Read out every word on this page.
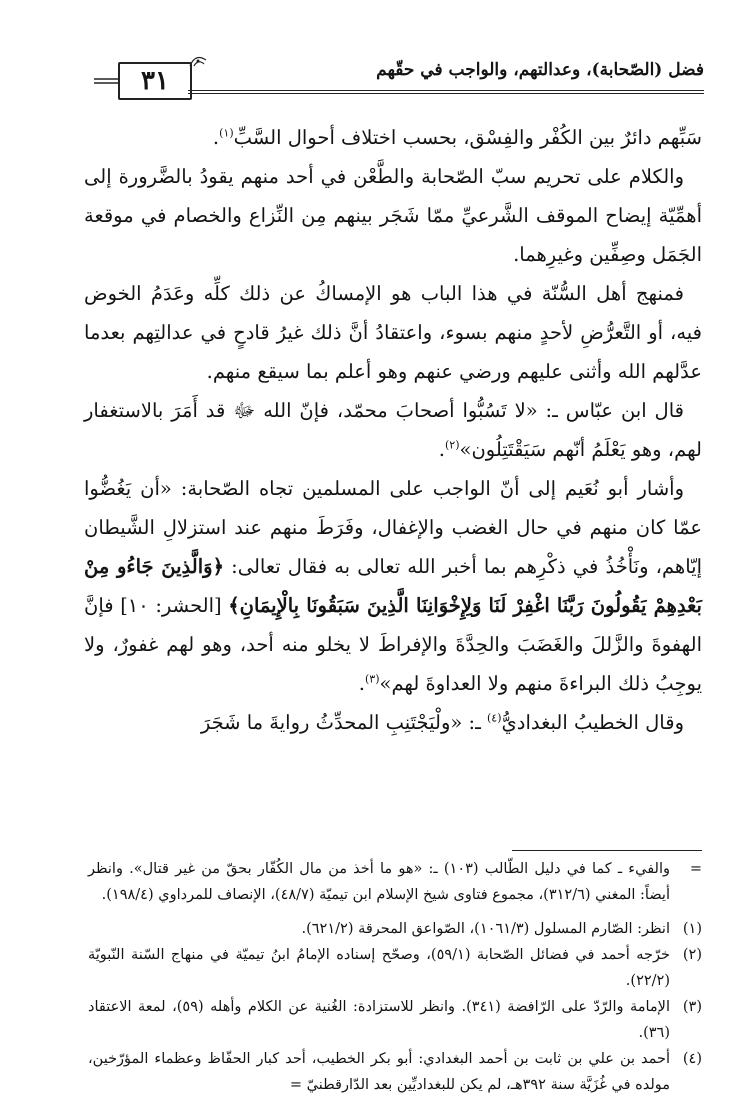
٣١	فضل (الصّحابة)، وعدالتهم، والواجب في حقّهم

سَبِّهم دائرٌ بين الكُفْر والفِسْق، بحسب اختلاف أحوال السَّبِّ$^{(١)}$.

والكلام على تحريم سبّ الصّحابة والطَّعْن في أحد منهم يقودُ بالضَّرورة إلى أهمِّيّة إيضاح الموقف الشَّرعيِّ ممّا شَجَر بينهم مِن النِّزاع والخصام في موقعة الجَمَل وصِفِّين وغيرِهما.

فمنهج أهل السُّنّة في هذا الباب هو الإمساكُ عن ذلك كلِّه وعَدَمُ الخوض فيه، أو التَّعرُّضِ لأحدٍ منهم بسوء، واعتقادُ أنَّ ذلك غيرُ قادحٍ في عدالتِهم بعدما عدَّلهم الله وأثنى عليهم ورضي عنهم وهو أعلم بما سيقع منهم.

قال ابن عبّاس ـ: «لا تَسُبُّوا أصحابَ محمّد، فإنّ الله ﷻ قد أَمَرَ بالاستغفار لهم، وهو يَعْلَمُ أنّهم سَيَقْتَتِلُون»$^{(٢)}$.

وأشار أبو نُعَيم إلى أنّ الواجب على المسلمين تجاه الصّحابة: «أن يَغُضُّوا عمّا كان منهم في حال الغضب والإغفال، وفَرَطَ منهم عند استزلالِ الشَّيطان إيّاهم، ونَأْخُذُ في ذكْرِهم بما أخبر الله تعالى به فقال تعالى: ﴿وَالَّذِينَ جَاءُو مِنْ بَعْدِهِمْ يَقُولُونَ رَبَّنَا اغْفِرْ لَنَا وَلِإِخْوَانِنَا الَّذِينَ سَبَقُونَا بِالْإِيمَانِ﴾ [الحشر: ١٠] فإنَّ الهفوةَ والزَّللَ والغَضَبَ والحِدَّةَ والإفراطَ لا يخلو منه أحد، وهو لهم غفورٌ، ولا يوجِبُ ذلك البراءةَ منهم ولا العداوةَ لهم»$^{(٣)}$.

وقال الخطيبُ البغداديُّ$^{(٤)}$ ـ: «ولْيَجْتَنِبِ المحدِّثُ روايةَ ما شَجَرَ

=
والفيء ـ كما في دليل الطّالب (١٠٣) ـ: «هو ما أخذ من مال الكُفّار بحقّ من غير قتال». وانظر أيضاً: المغني (٣١٢/٦)، مجموع فتاوى شيخ الإسلام ابن تيميّة (٤٨/٧)، الإنصاف للمرداوي (١٩٨/٤).
(١)
انظر: الصّارم المسلول (١٠٦١/٣)، الصّواعق المحرقة (٦٢١/٢).
(٢)
خرّجه أحمد في فضائل الصّحابة (٥٩/١)، وصحّح إسناده الإمامُ ابنُ تيميّة في منهاج السّنة النّبويّة (٢٢/٢).
(٣)
الإمامة والرّدّ على الرّافضة (٣٤١). وانظر للاستزادة: الغُنية عن الكلام وأهله (٥٩)، لمعة الاعتقاد (٣٦).
(٤)
أحمد بن علي بن ثابت بن أحمد البغدادي: أبو بكر الخطيب، أحد كبار الحفّاظ وعظماء المؤرّخين، مولده في غُزَيَّة سنة ٣٩٢هـ، لم يكن للبغداديِّين بعد الدّارقطنيّ =
